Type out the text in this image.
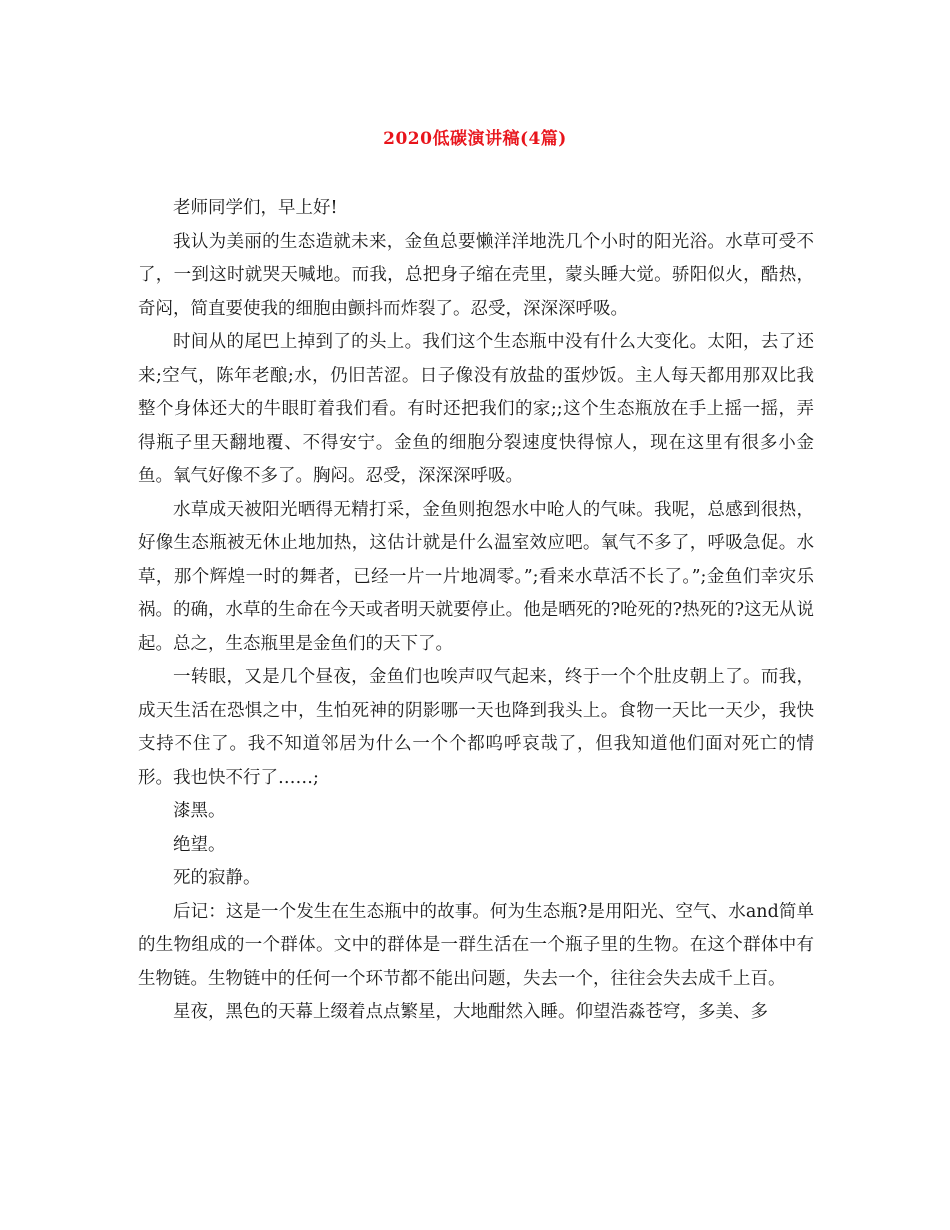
2020低碳演讲稿(4篇)

老师同学们，早上好!

我认为美丽的生态造就未来，金鱼总要懒洋洋地洗几个小时的阳光浴。水草可受不了，一到这时就哭天喊地。而我，总把身子缩在壳里，蒙头睡大觉。骄阳似火，酷热，奇闷，简直要使我的细胞由颤抖而炸裂了。忍受，深深深呼吸。

时间从的尾巴上掉到了的头上。我们这个生态瓶中没有什么大变化。太阳，去了还来;空气，陈年老酿;水，仍旧苦涩。日子像没有放盐的蛋炒饭。主人每天都用那双比我整个身体还大的牛眼盯着我们看。有时还把我们的家;;这个生态瓶放在手上摇一摇，弄得瓶子里天翻地覆、不得安宁。金鱼的细胞分裂速度快得惊人，现在这里有很多小金鱼。氧气好像不多了。胸闷。忍受，深深深呼吸。

水草成天被阳光晒得无精打采，金鱼则抱怨水中呛人的气味。我呢，总感到很热，好像生态瓶被无休止地加热，这估计就是什么温室效应吧。氧气不多了，呼吸急促。水草，那个辉煌一时的舞者，已经一片一片地凋零。”;看来水草活不长了。”;金鱼们幸灾乐祸。的确，水草的生命在今天或者明天就要停止。他是晒死的?呛死的?热死的?这无从说起。总之，生态瓶里是金鱼们的天下了。

一转眼，又是几个昼夜，金鱼们也唉声叹气起来，终于一个个肚皮朝上了。而我，成天生活在恐惧之中，生怕死神的阴影哪一天也降到我头上。食物一天比一天少，我快支持不住了。我不知道邻居为什么一个个都呜呼哀哉了，但我知道他们面对死亡的情形。我也快不行了……;

漆黑。

绝望。

死的寂静。

后记：这是一个发生在生态瓶中的故事。何为生态瓶?是用阳光、空气、水and简单的生物组成的一个群体。文中的群体是一群生活在一个瓶子里的生物。在这个群体中有生物链。生物链中的任何一个环节都不能出问题，失去一个，往往会失去成千上百。

星夜，黑色的天幕上缀着点点繁星，大地酣然入睡。仰望浩淼苍穹，多美、多
